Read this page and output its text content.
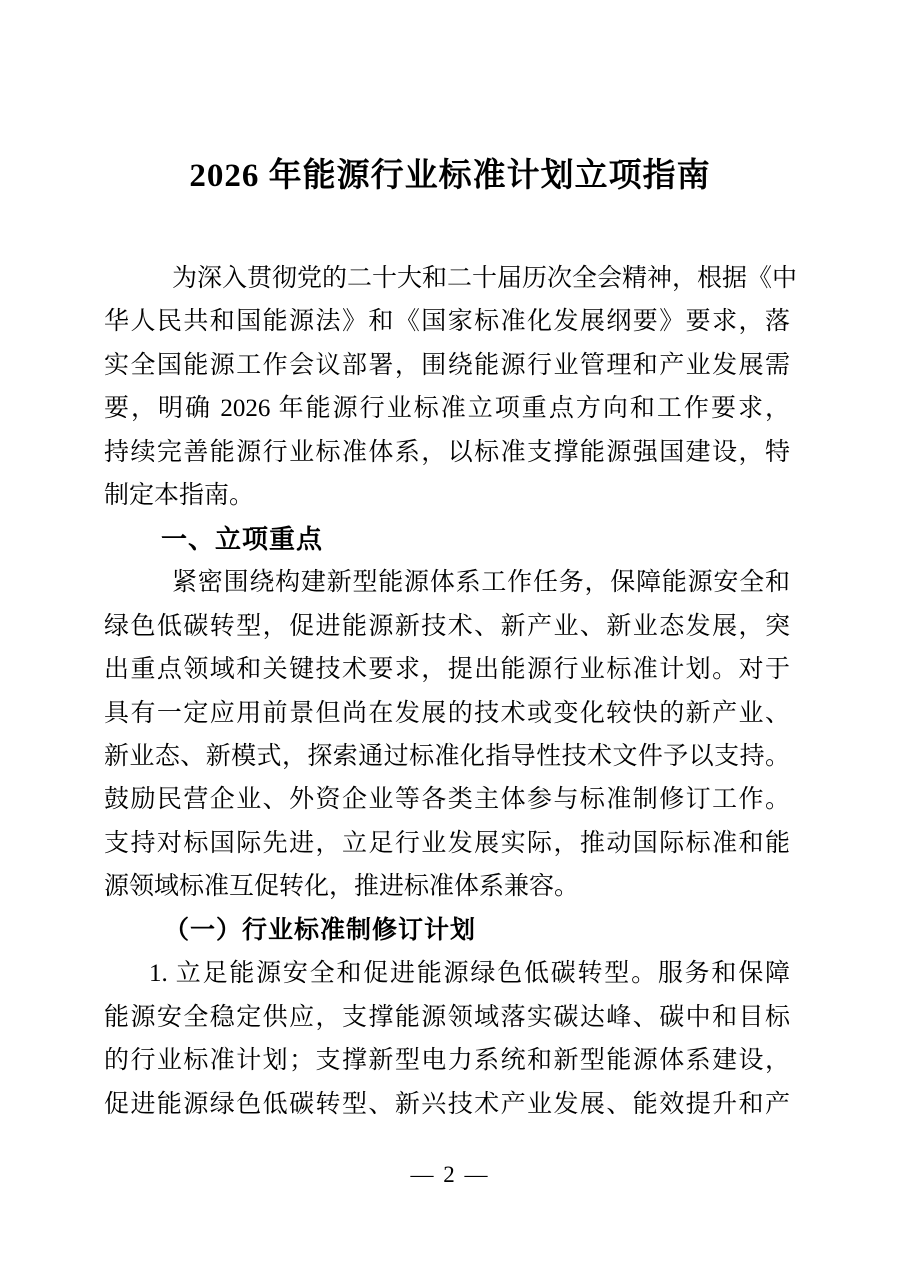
2026 年能源行业标准计划立项指南
为深入贯彻党的二十大和二十届历次全会精神，根据《中
华人民共和国能源法》和《国家标准化发展纲要》要求，落
实全国能源工作会议部署，围绕能源行业管理和产业发展需
要，明确 2026 年能源行业标准立项重点方向和工作要求，
持续完善能源行业标准体系，以标准支撑能源强国建设，特
制定本指南。
一、立项重点
紧密围绕构建新型能源体系工作任务，保障能源安全和
绿色低碳转型，促进能源新技术、新产业、新业态发展，突
出重点领域和关键技术要求，提出能源行业标准计划。对于
具有一定应用前景但尚在发展的技术或变化较快的新产业、
新业态、新模式，探索通过标准化指导性技术文件予以支持。
鼓励民营企业、外资企业等各类主体参与标准制修订工作。
支持对标国际先进，立足行业发展实际，推动国际标准和能
源领域标准互促转化，推进标准体系兼容。
（一）行业标准制修订计划
1. 立足能源安全和促进能源绿色低碳转型。服务和保障
能源安全稳定供应，支撑能源领域落实碳达峰、碳中和目标
的行业标准计划；支撑新型电力系统和新型能源体系建设，
促进能源绿色低碳转型、新兴技术产业发展、能效提升和产
— 2 —
